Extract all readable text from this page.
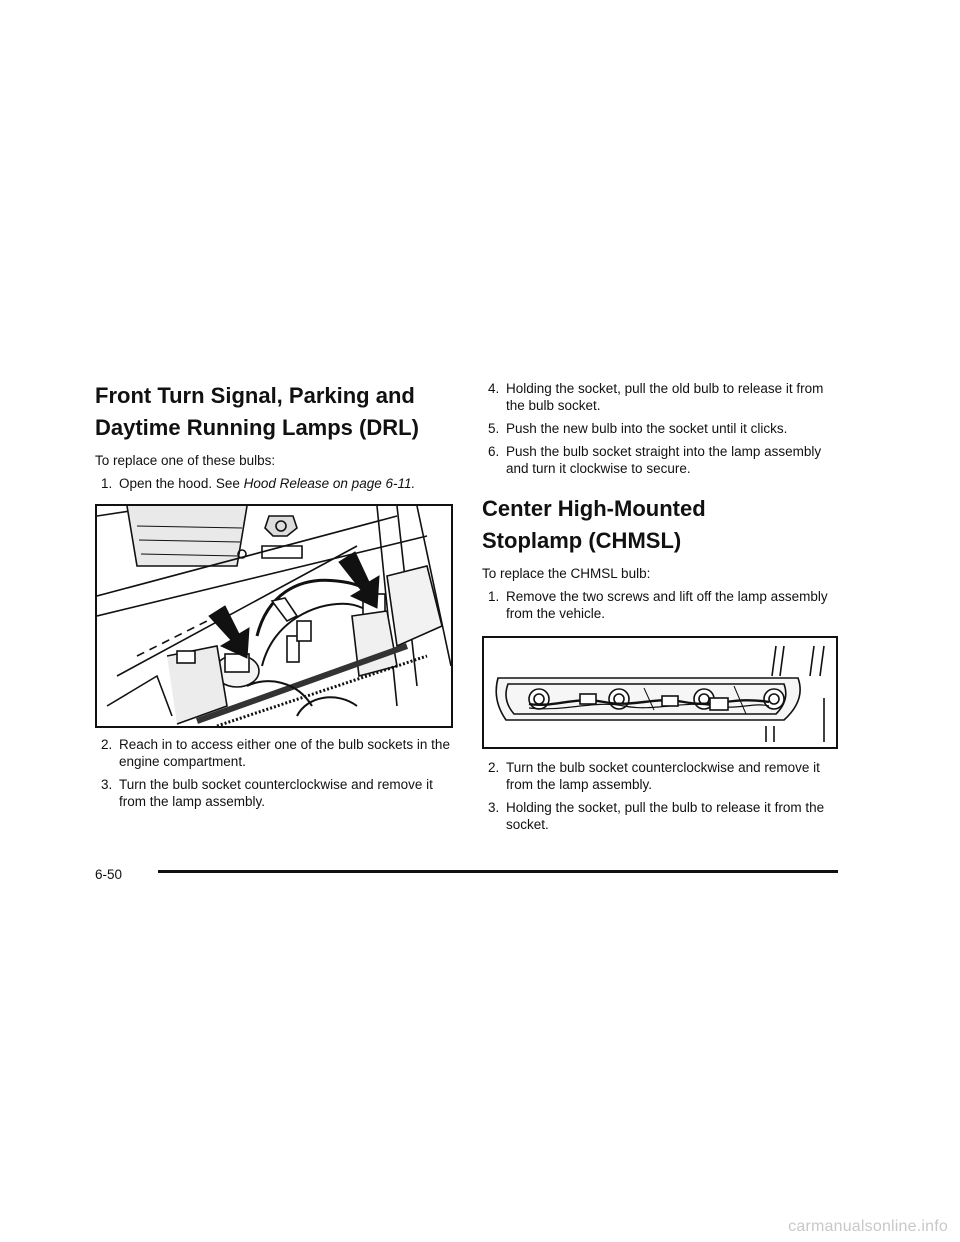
Front Turn Signal, Parking and
Daytime Running Lamps (DRL)

To replace one of these bulbs:

1. Open the hood. See Hood Release on page 6-11.
2. Reach in to access either one of the bulb sockets in the engine compartment.
3. Turn the bulb socket counterclockwise and remove it from the lamp assembly.
4. Holding the socket, pull the old bulb to release it from the bulb socket.
5. Push the new bulb into the socket until it clicks.
6. Push the bulb socket straight into the lamp assembly and turn it clockwise to secure.
Center High-Mounted
Stoplamp (CHMSL)

To replace the CHMSL bulb:

1. Remove the two screws and lift off the lamp assembly from the vehicle.
2. Turn the bulb socket counterclockwise and remove it from the lamp assembly.
3. Holding the socket, pull the bulb to release it from the socket.
6-50
carmanualsonline.info
